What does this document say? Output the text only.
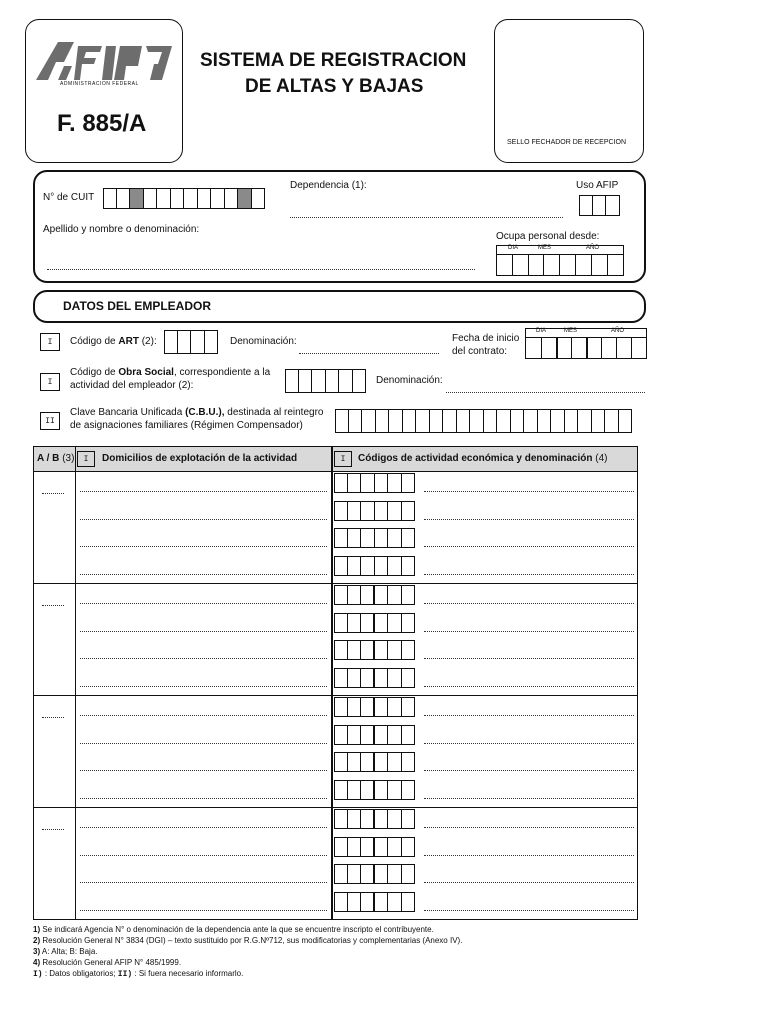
ADMINISTRACION FEDERAL
F. 885/A
SISTEMA DE REGISTRACION
DE ALTAS Y BAJAS
SELLO FECHADOR DE RECEPCION
N° de CUIT
Dependencia (1):	Uso AFIP
Apellido y nombre o denominación:
Ocupa personal desde:
DIA	MES	AÑO
DATOS DEL EMPLEADOR
I	Código de ART (2):	Denominación:	Fecha de inicio
del contrato:
DIA	MES	AÑO
I
Código de Obra Social, correspondiente a la
actividad del empleador (2):	Denominación:
II
Clave Bancaria Unificada (C.B.U.), destinada al reintegro
de asignaciones familiares (Régimen Compensador)
A / B (3)	I	Domicilios de explotación de la actividad	I	Códigos de actividad económica y denominación (4)
1) Se indicará Agencia N° o denominación de la dependencia ante la que se encuentre inscripto el contribuyente.
2) Resolución General N° 3834 (DGI) – texto sustituido por R.G.Nº712, sus modificatorias y complementarias (Anexo IV).
3) A: Alta; B: Baja.
4) Resolución General AFIP N° 485/1999.
I) : Datos obligatorios; II) : Si fuera necesario informarlo.
